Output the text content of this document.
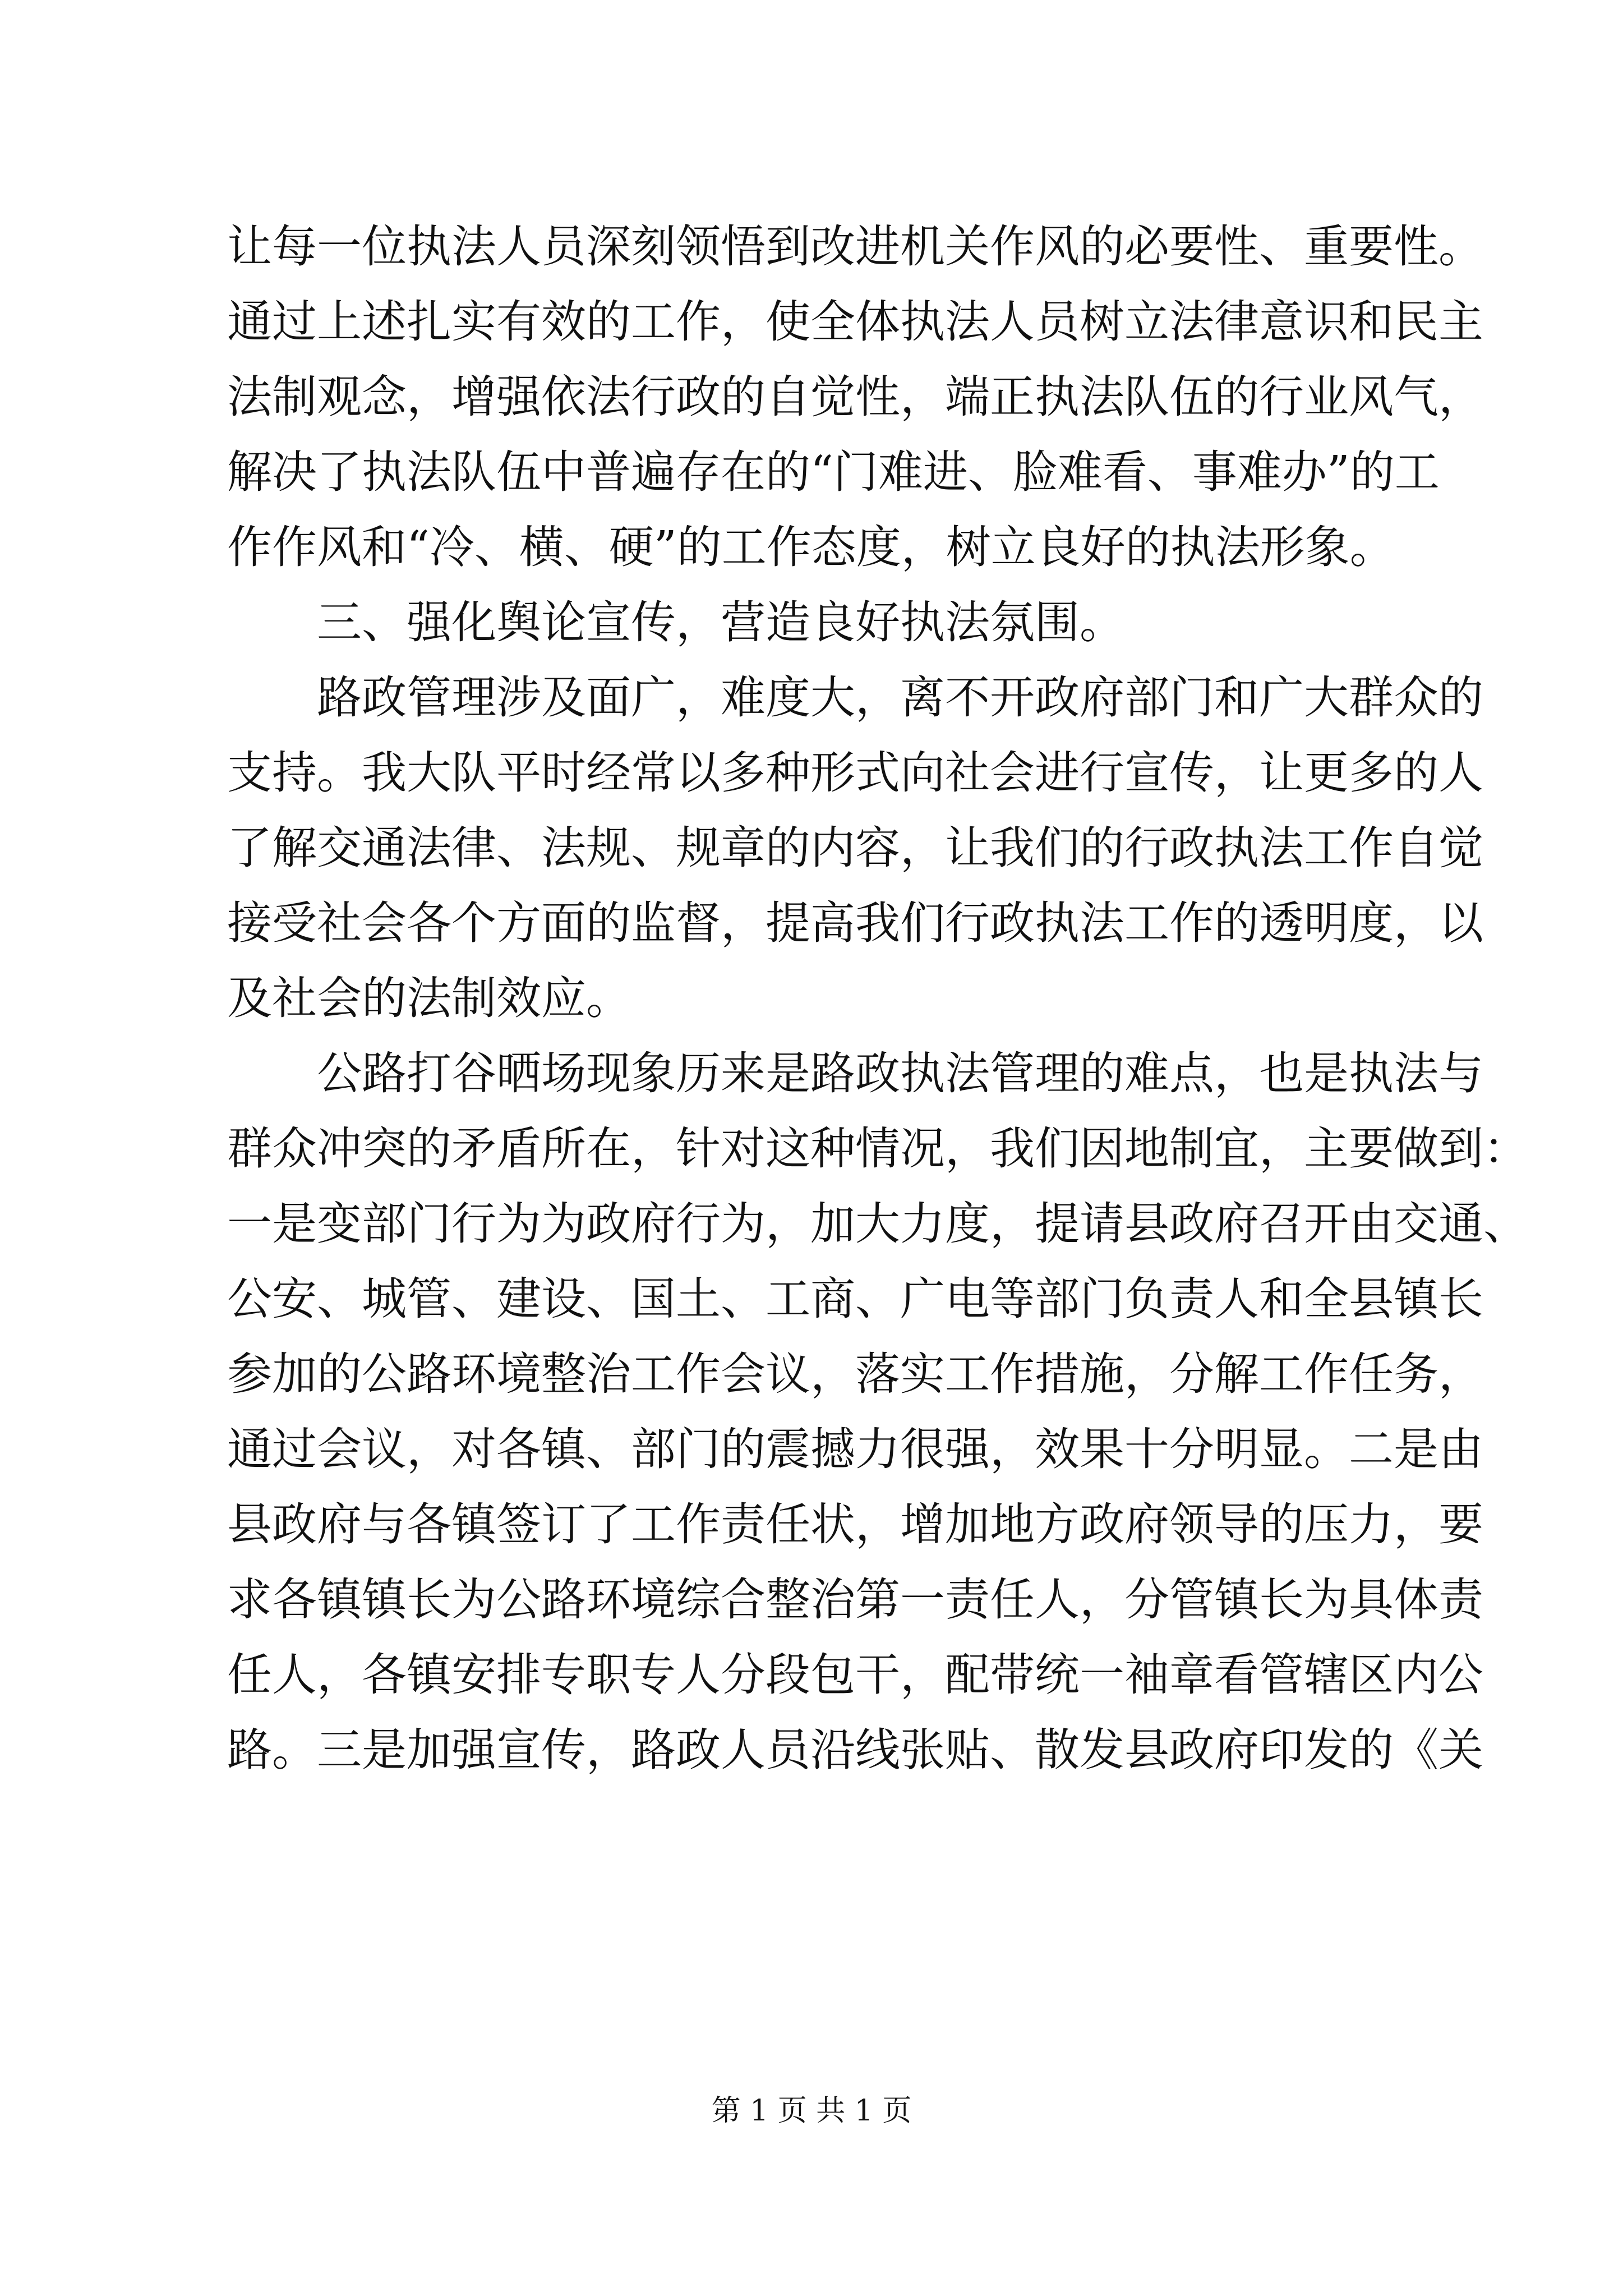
让每一位执法人员深刻领悟到改进机关作风的必要性、重要性。
通过上述扎实有效的工作，使全体执法人员树立法律意识和民主
法制观念，增强依法行政的自觉性，端正执法队伍的行业风气，
解决了执法队伍中普遍存在的“门难进、脸难看、事难办”的工
作作风和“冷、横、硬”的工作态度，树立良好的执法形象。
三、强化舆论宣传，营造良好执法氛围。
路政管理涉及面广，难度大，离不开政府部门和广大群众的
支持。我大队平时经常以多种形式向社会进行宣传，让更多的人
了解交通法律、法规、规章的内容，让我们的行政执法工作自觉
接受社会各个方面的监督，提高我们行政执法工作的透明度，以
及社会的法制效应。
公路打谷晒场现象历来是路政执法管理的难点，也是执法与
群众冲突的矛盾所在，针对这种情况，我们因地制宜，主要做到：
一是变部门行为为政府行为，加大力度，提请县政府召开由交通、
公安、城管、建设、国土、工商、广电等部门负责人和全县镇长
参加的公路环境整治工作会议，落实工作措施，分解工作任务，
通过会议，对各镇、部门的震撼力很强，效果十分明显。二是由
县政府与各镇签订了工作责任状，增加地方政府领导的压力，要
求各镇镇长为公路环境综合整治第一责任人，分管镇长为具体责
任人，各镇安排专职专人分段包干，配带统一袖章看管辖区内公
路。三是加强宣传，路政人员沿线张贴、散发县政府印发的《关
第 1 页 共 1 页
